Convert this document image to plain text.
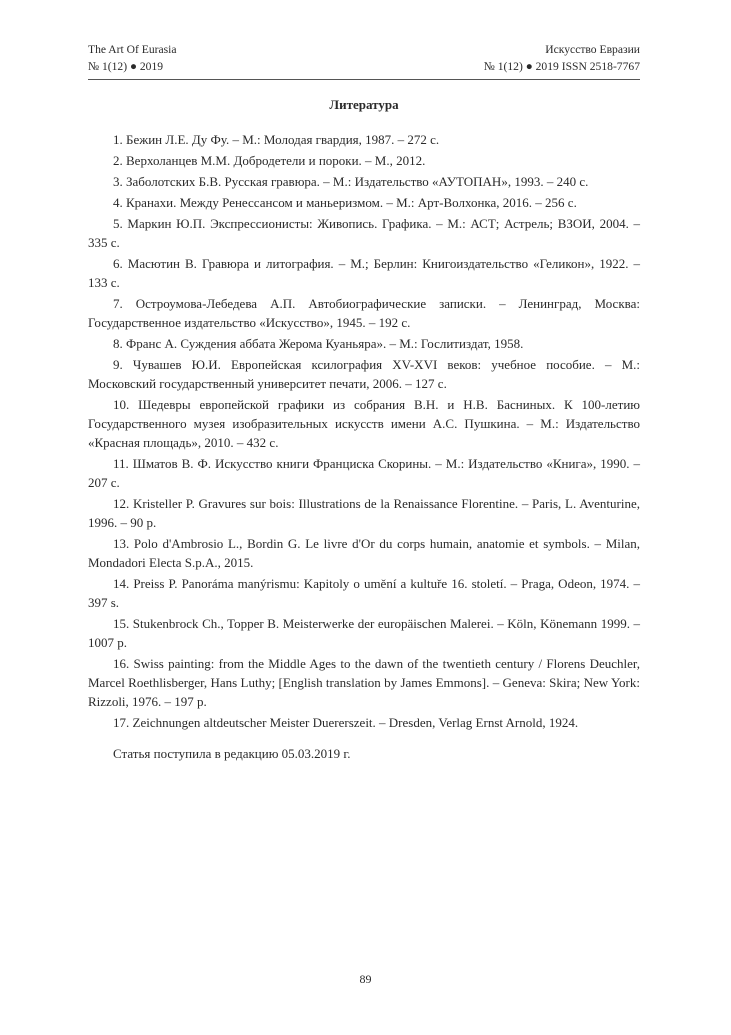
The Art Of Eurasia
№ 1(12) ● 2019
Искусство Евразии
№ 1(12) ● 2019 ISSN 2518-7767
Литература
1. Бежин Л.Е. Ду Фу. – М.: Молодая гвардия, 1987. – 272 с.
2. Верхоланцев М.М. Добродетели и пороки. – М., 2012.
3. Заболотских Б.В. Русская гравюра. – М.: Издательство «АУТОПАН», 1993. – 240 с.
4. Кранахи. Между Ренессансом и маньеризмом. – М.: Арт-Волхонка, 2016. – 256 с.
5. Маркин Ю.П. Экспрессионисты: Живопись. Графика. – М.: АСТ; Астрель; ВЗОИ, 2004. – 335 с.
6. Масютин В. Гравюра и литография. – М.; Берлин: Книгоиздательство «Геликон», 1922. – 133 с.
7. Остроумова-Лебедева А.П. Автобиографические записки. – Ленинград, Москва: Государственное издательство «Искусство», 1945. – 192 с.
8. Франс А. Суждения аббата Жерома Куаньяра». – М.: Гослитиздат, 1958.
9. Чувашев Ю.И. Европейская ксилография XV-XVI веков: учебное пособие. – М.: Московский государственный университет печати, 2006. – 127 с.
10. Шедевры европейской графики из собрания В.Н. и Н.В. Басниных. К 100-летию Государственного музея изобразительных искусств имени А.С. Пушкина. – М.: Издательство «Красная площадь», 2010. – 432 с.
11. Шматов В. Ф. Искусство книги Франциска Скорины. – М.: Издательство «Книга», 1990. – 207 с.
12. Kristeller P. Gravures sur bois: Illustrations de la Renaissance Florentine. – Paris, L. Aventurine, 1996. – 90 p.
13. Polo d'Ambrosio L., Bordin G. Le livre d'Or du corps humain, anatomie et symbols. – Milan, Mondadori Electa S.p.A., 2015.
14. Preiss P. Panoráma manýrismu: Kapitoly o umění a kultuře 16. století. – Praga, Odeon, 1974. – 397 s.
15. Stukenbrock Ch., Topper B. Meisterwerke der europäischen Malerei. – Köln, Könemann 1999. – 1007 p.
16. Swiss painting: from the Middle Ages to the dawn of the twentieth century / Florens Deuchler, Marcel Roethlisberger, Hans Luthy; [English translation by James Emmons]. – Geneva: Skira; New York: Rizzoli, 1976. – 197 p.
17. Zeichnungen altdeutscher Meister Duererszeit. – Dresden, Verlag Ernst Arnold, 1924.
Статья поступила в редакцию 05.03.2019 г.
89
